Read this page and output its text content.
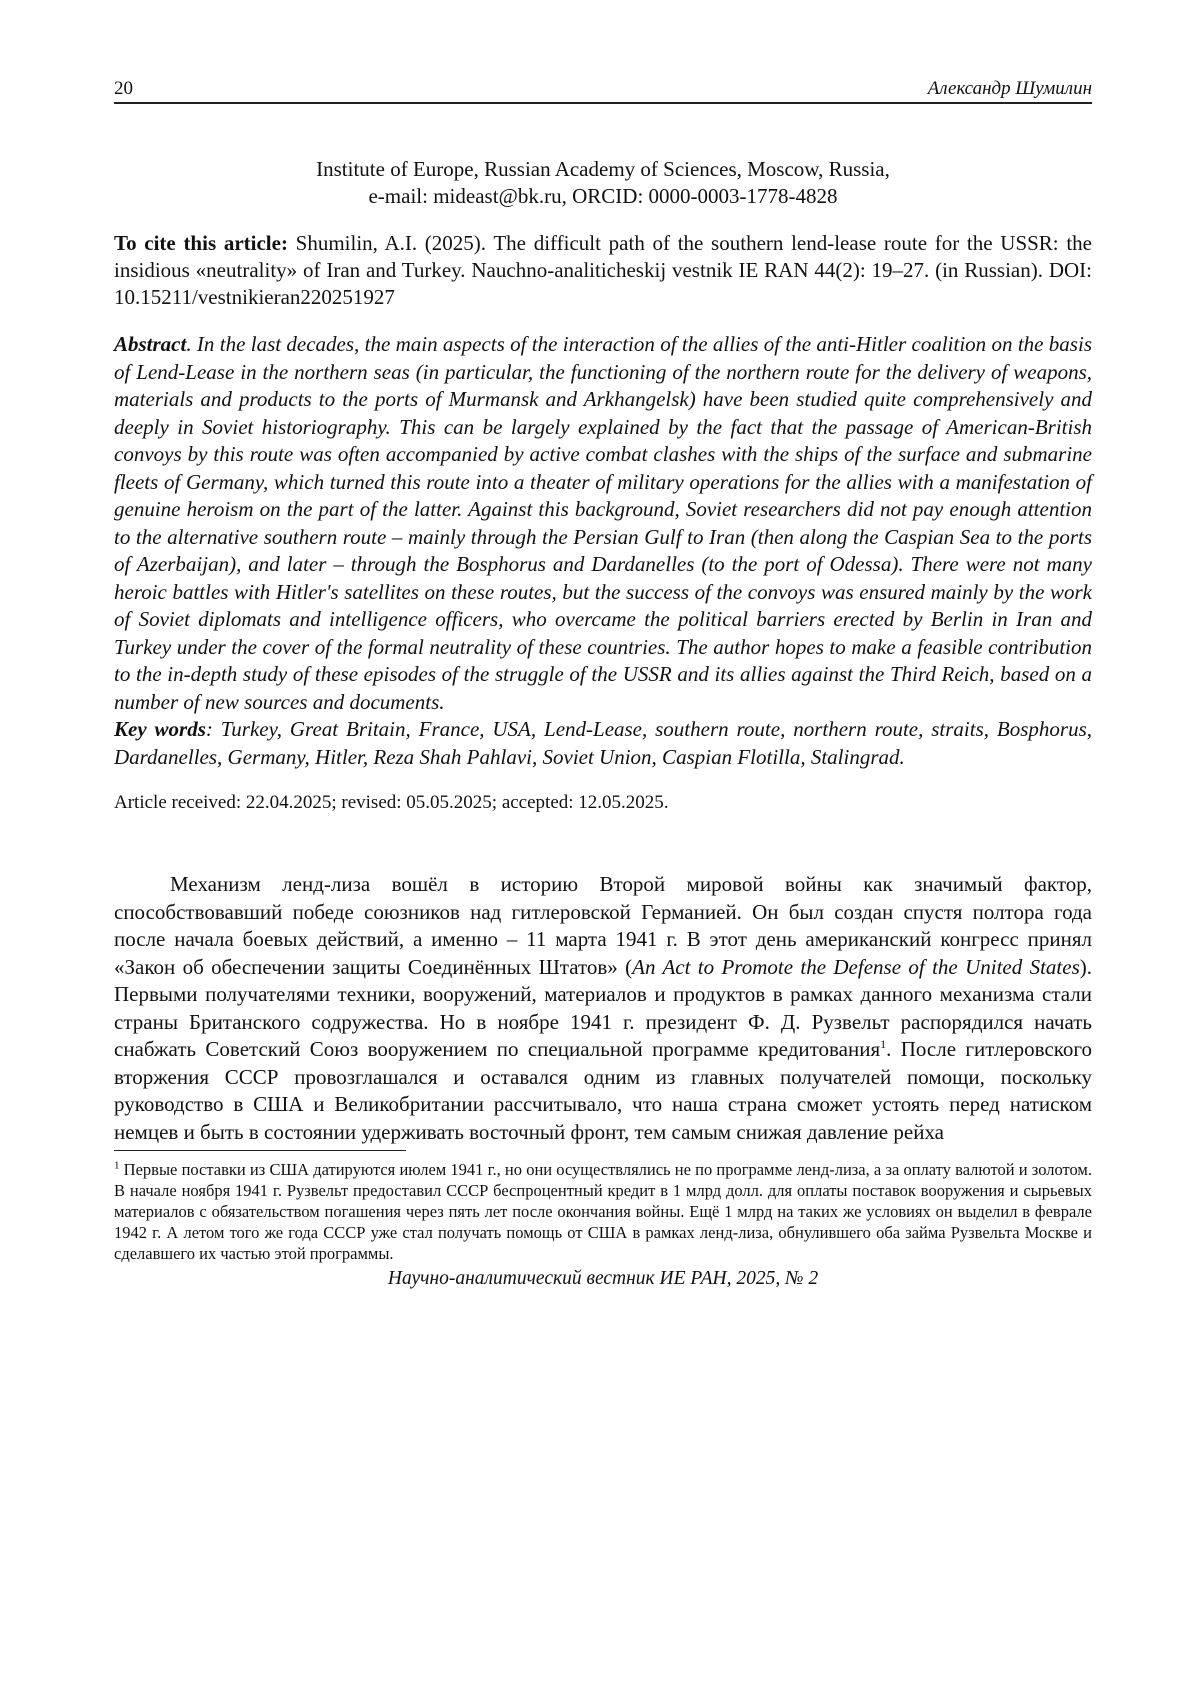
20	Александр Шумилин
Institute of Europe, Russian Academy of Sciences, Moscow, Russia,
e-mail: mideast@bk.ru, ORCID: 0000-0003-1778-4828
To cite this article: Shumilin, A.I. (2025). The difficult path of the southern lend-lease route for the USSR: the insidious «neutrality» of Iran and Turkey. Nauchno-analiticheskij vestnik IE RAN 44(2): 19–27. (in Russian). DOI: 10.15211/vestnikieran220251927
Abstract. In the last decades, the main aspects of the interaction of the allies of the anti-Hitler coalition on the basis of Lend-Lease in the northern seas (in particular, the functioning of the northern route for the delivery of weapons, materials and products to the ports of Murmansk and Arkhangelsk) have been studied quite comprehensively and deeply in Soviet historiography. This can be largely explained by the fact that the passage of American-British convoys by this route was often accompanied by active combat clashes with the ships of the surface and submarine fleets of Germany, which turned this route into a theater of military operations for the allies with a manifestation of genuine heroism on the part of the latter. Against this background, Soviet researchers did not pay enough attention to the alternative southern route – mainly through the Persian Gulf to Iran (then along the Caspian Sea to the ports of Azerbaijan), and later – through the Bosphorus and Dardanelles (to the port of Odessa). There were not many heroic battles with Hitler's satellites on these routes, but the success of the convoys was ensured mainly by the work of Soviet diplomats and intelligence officers, who overcame the political barriers erected by Berlin in Iran and Turkey under the cover of the formal neutrality of these countries. The author hopes to make a feasible contribution to the in-depth study of these episodes of the struggle of the USSR and its allies against the Third Reich, based on a number of new sources and documents.
Key words: Turkey, Great Britain, France, USA, Lend-Lease, southern route, northern route, straits, Bosphorus, Dardanelles, Germany, Hitler, Reza Shah Pahlavi, Soviet Union, Caspian Flotilla, Stalingrad.
Article received: 22.04.2025; revised: 05.05.2025; accepted: 12.05.2025.
Механизм ленд-лиза вошёл в историю Второй мировой войны как значимый фактор, способствовавший победе союзников над гитлеровской Германией. Он был создан спустя полтора года после начала боевых действий, а именно – 11 марта 1941 г. В этот день американский конгресс принял «Закон об обеспечении защиты Соединённых Штатов» (An Act to Promote the Defense of the United States). Первыми получателями техники, вооружений, материалов и продуктов в рамках данного механизма стали страны Британского содружества. Но в ноябре 1941 г. президент Ф. Д. Рузвельт распорядился начать снабжать Советский Союз вооружением по специальной программе кредитования$^1$. После гитлеровского вторжения СССР провозглашался и оставался одним из главных получателей помощи, поскольку руководство в США и Великобритании рассчитывало, что наша страна сможет устоять перед натиском немцев и быть в состоянии удерживать восточный фронт, тем самым снижая давление рейха
$^1$ Первые поставки из США датируются июлем 1941 г., но они осуществлялись не по программе ленд-лиза, а за оплату валютой и золотом. В начале ноября 1941 г. Рузвельт предоставил СССР беспроцентный кредит в 1 млрд долл. для оплаты поставок вооружения и сырьевых материалов с обязательством погашения через пять лет после окончания войны. Ещё 1 млрд на таких же условиях он выделил в феврале 1942 г. А летом того же года СССР уже стал получать помощь от США в рамках ленд-лиза, обнулившего оба займа Рузвельта Москве и сделавшего их частью этой программы.
Научно-аналитический вестник ИЕ РАН, 2025, № 2
